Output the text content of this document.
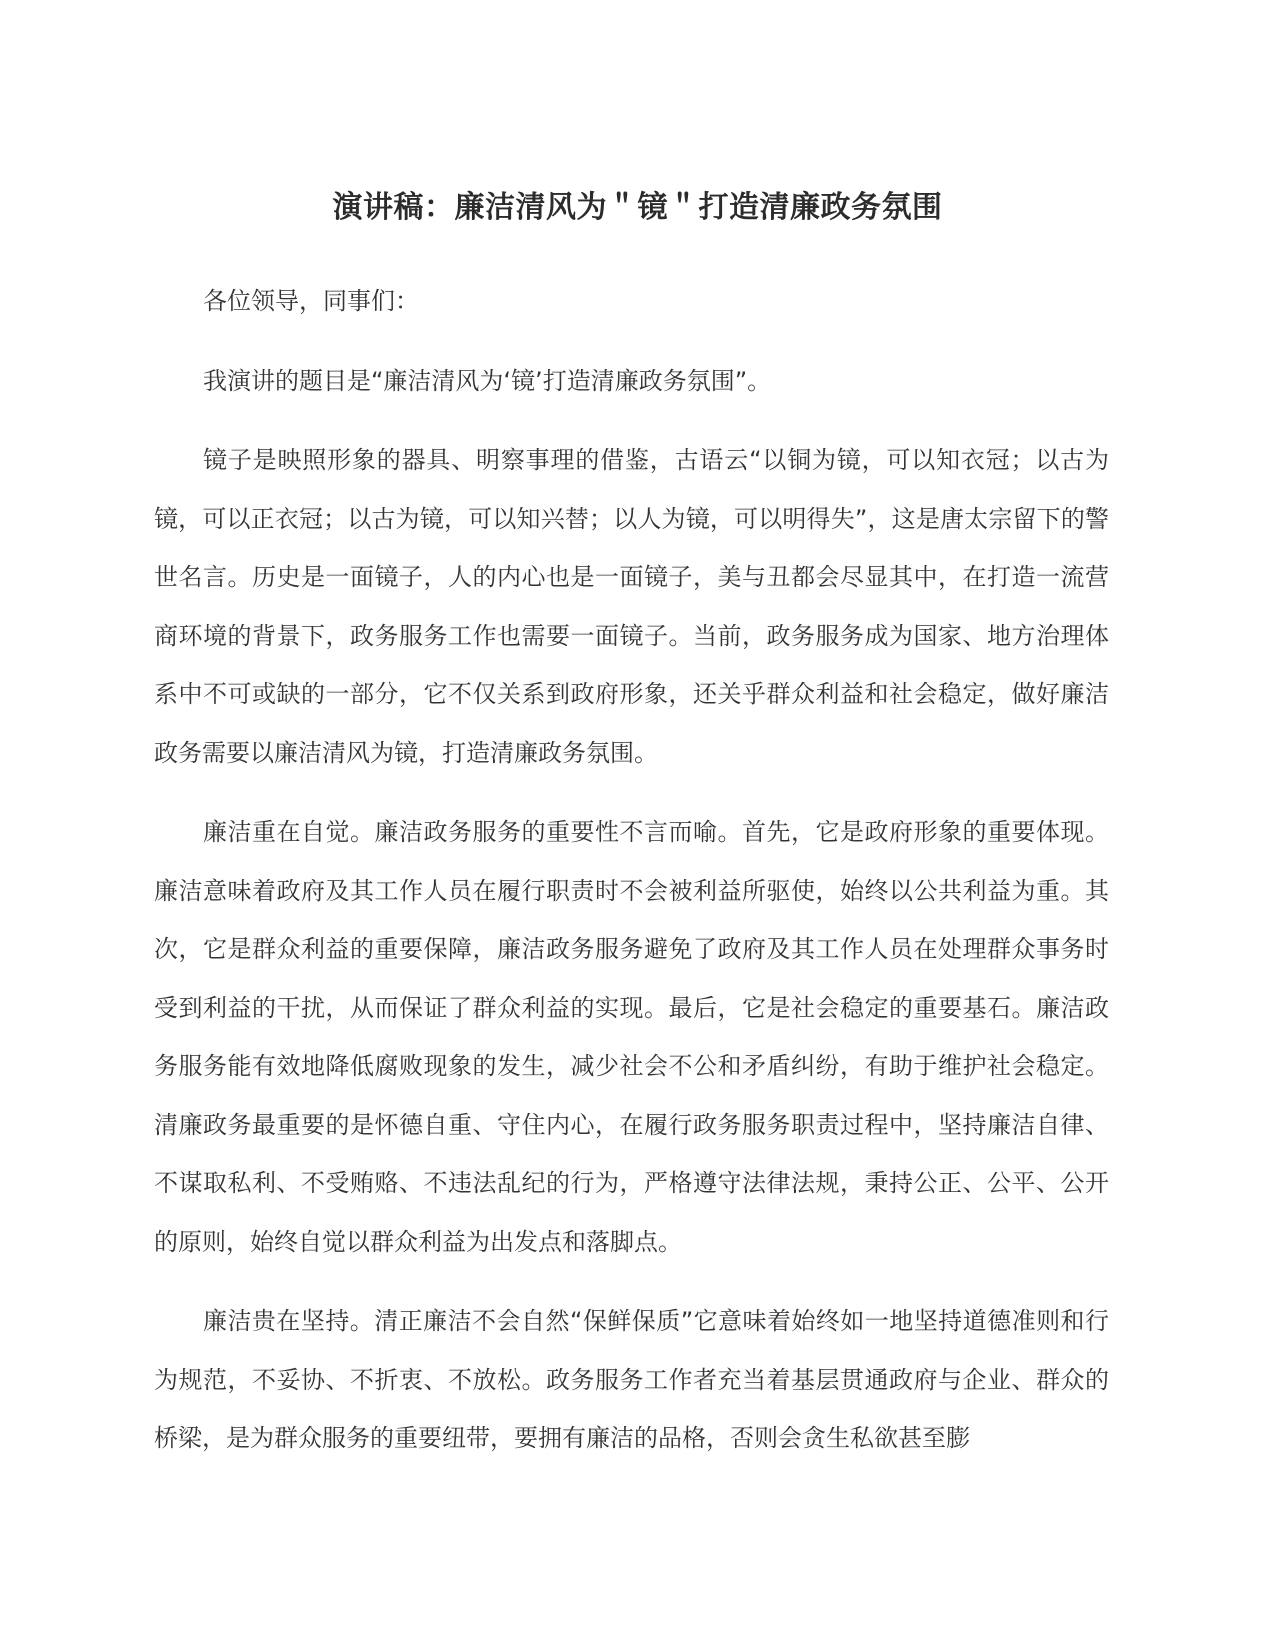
演讲稿：廉洁清风为＂镜＂打造清廉政务氛围

各位领导，同事们：

我演讲的题目是“廉洁清风为‘镜’打造清廉政务氛围”。

镜子是映照形象的器具、明察事理的借鉴，古语云“以铜为镜，可以知衣冠；以古为镜，可以正衣冠；以古为镜，可以知兴替；以人为镜，可以明得失”，这是唐太宗留下的警世名言。历史是一面镜子，人的内心也是一面镜子，美与丑都会尽显其中，在打造一流营商环境的背景下，政务服务工作也需要一面镜子。当前，政务服务成为国家、地方治理体系中不可或缺的一部分，它不仅关系到政府形象，还关乎群众利益和社会稳定，做好廉洁政务需要以廉洁清风为镜，打造清廉政务氛围。

廉洁重在自觉。廉洁政务服务的重要性不言而喻。首先，它是政府形象的重要体现。廉洁意味着政府及其工作人员在履行职责时不会被利益所驱使，始终以公共利益为重。其次，它是群众利益的重要保障，廉洁政务服务避免了政府及其工作人员在处理群众事务时受到利益的干扰，从而保证了群众利益的实现。最后，它是社会稳定的重要基石。廉洁政务服务能有效地降低腐败现象的发生，减少社会不公和矛盾纠纷，有助于维护社会稳定。清廉政务最重要的是怀德自重、守住内心，在履行政务服务职责过程中，坚持廉洁自律、不谋取私利、不受贿赂、不违法乱纪的行为，严格遵守法律法规，秉持公正、公平、公开的原则，始终自觉以群众利益为出发点和落脚点。

廉洁贵在坚持。清正廉洁不会自然“保鲜保质”它意味着始终如一地坚持道德准则和行为规范，不妥协、不折衷、不放松。政务服务工作者充当着基层贯通政府与企业、群众的桥梁，是为群众服务的重要纽带，要拥有廉洁的品格，否则会贪生私欲甚至膨
